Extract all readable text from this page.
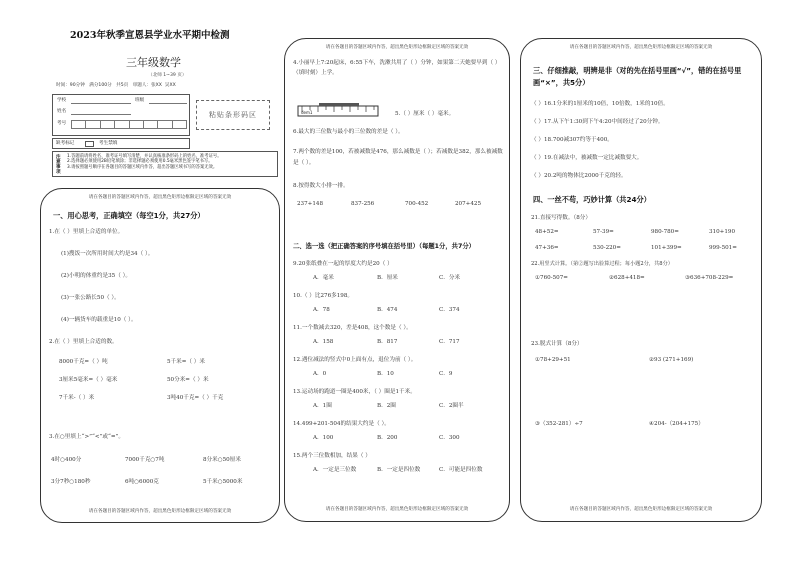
2023年秋季宣恩县学业水平期中检测
三年级数学
（北师 1~39 页）
时间：90分钟 满分100分 共5页 审题人：张XX 吴XX
学校	班级
姓名
考号
粘贴条形码区
缺考标记	考生禁填
注意事项
1.答题前请将姓名、准考证号填写清楚，并认真核准条形码上的姓名、准考证号。
2.选择题必须使用2B铅笔填涂；非选择题必须使用0.5毫米黑色签字笔书写。
3.请按照题号顺序在各题目的答题区域内作答，超出答题区域书写的答案无效。
请在各题目的答题区域内作答，超出黑色矩形边框限定区域的答案无效
一、用心思考，正确填空（每空1分，共27分）
1.在（ ）里填上合适的单位。
(1)搜饭一次所用时间大约是34（ ）。
(2)小明的体重约是35（ ）。
(3)一张公路长50（ ）。
(4)一辆货车的载重是10（ ）。
2.在（ ）里填上合适的数。
8000千克=（ ）吨	5千米=（ ）米
3厘米5毫米=（ ）毫米	50分米=（ ）米
7千米-（ ）米	3吨40千克=（ ）千克
3.在○里填上“>”“<”或“=”。
4时○400分	7000千克○7吨	8分米○50厘米
3分7秒○180秒	6吨○6000克	5千米○5000米
请在各题目的答题区域内作答，超出黑色矩形边框限定区域的答案无效
请在各题目的答题区域内作答，超出黑色矩形边框限定区域的答案无效
4.小丽早上7:20起床，6:55下车，洗漱共用了（ ）分钟，如果第二天她要早到（ ）（填时刻）上学。
dem1	5.（ ）厘米（ ）毫米。
6.最大的三位数与最小的三位数的差是（ ）。
7.两个数的差是100，若被减数是476，那么减数是（ ）；若减数是382，那么被减数是（ ）。
8.按得数大小排一排。
237+148	837-256	700-452	207+425
二、选一选（把正确答案的序号填在括号里）（每题1分，共7分）
9.20张纸叠在一起的厚度大约是20（ ）
A．毫米	B．厘米	C．分米
10.（ ）比276多198。
A．78	B．474	C．374
11.一个数减去320，差是408，这个数是（ ）。
A．158	B．817	C．717
12.遇位减法的竖式中0上面有点，退位为前（ ）。
A．0	B．10	C．9
13.运动场的跑道一圈是400米，（ ）圈是1千米。
A．1圈	B．2圈	C．2圈半
14.499+201-504的结果大约是（ ）。
A．100	B．200	C．300
15.两个三位数相加，结果（ ）
A．一定是三位数	B．一定是四位数	C．可能是四位数
请在各题目的答题区域内作答，超出黑色矩形边框限定区域的答案无效
请在各题目的答题区域内作答，超出黑色矩形边框限定区域的答案无效
三、仔细推敲，明辨是非（对的先在括号里画“√”，错的在括号里画“×”，共5分）
（ ）16.1分米的1厘米的10倍，10倍数，1米的10倍。
（ ）17.从下午1:30到下午4:20中间经过了20分钟。
（ ）18.700减307约等于400。
（ ）19.在减法中，被减数一定比减数要大。
（ ）20.2吨的物体比2000千克的轻。
四、一丝不苟，巧妙计算（共24分）
21.直接写得数。（8分）
48+52=	57-39=	980-780=	310+190
47+36=	530-220=	101+399=	999-501=
22.用竖式计算。（第②题写出验算过程；每小题2分，共8分）
①760-507=	②628+418=	③636+708-229=
23.脱式计算（8分）
①78+29+51	②93 (271+169)
③（352-281）÷7	④204-（204+175）
请在各题目的答题区域内作答，超出黑色矩形边框限定区域的答案无效
